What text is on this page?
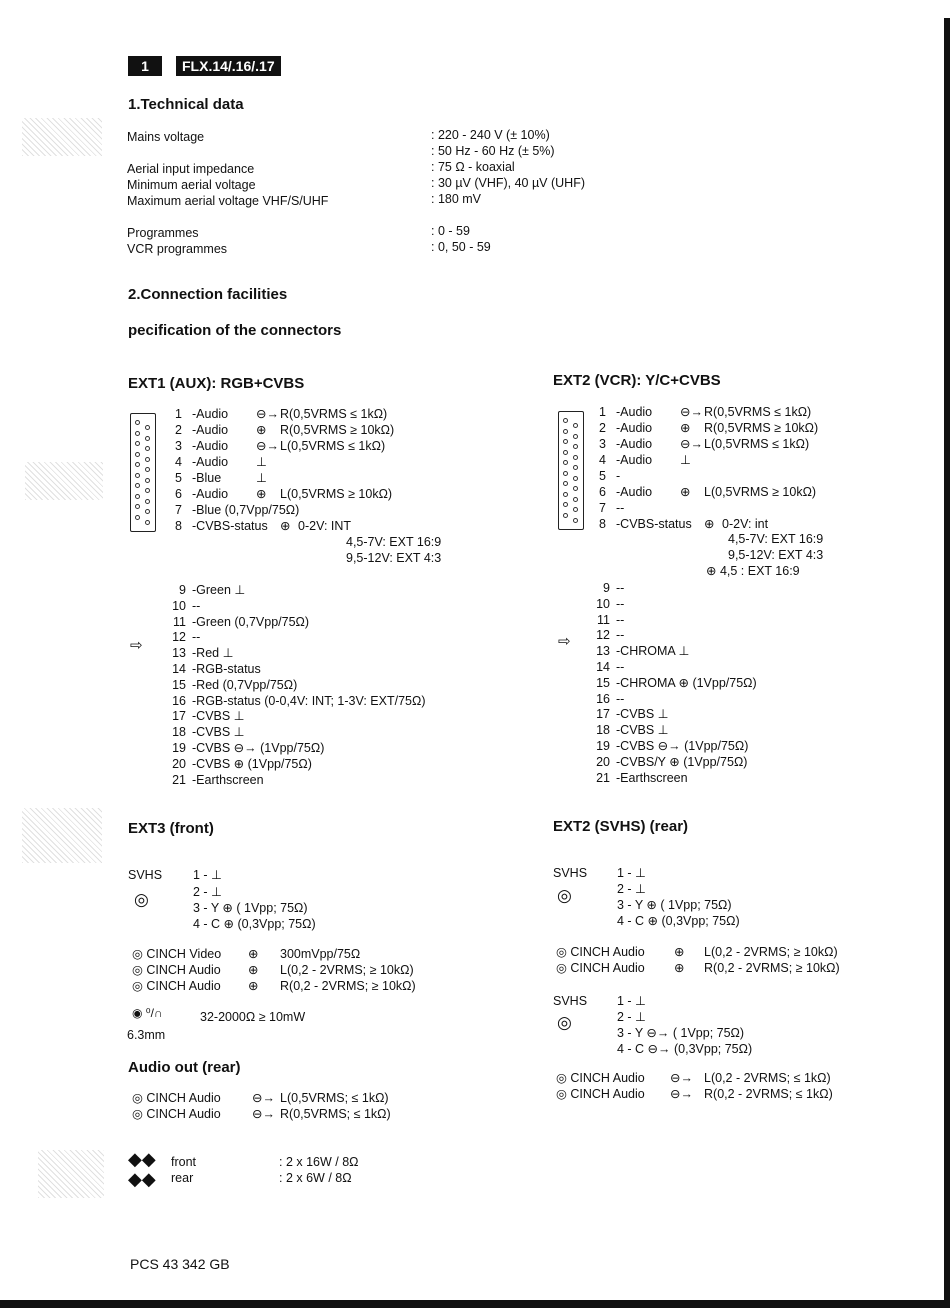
1	FLX.14/.16/.17
1.Technical data
Mains voltage	: 220 - 240 V (± 10%)
: 50 Hz - 60 Hz (± 5%)
Aerial input impedance	: 75 Ω - koaxial
Minimum aerial voltage	: 30 µV (VHF), 40 µV (UHF)
Maximum aerial voltage VHF/S/UHF	: 180 mV
Programmes	: 0 - 59
VCR programmes	: 0, 50 - 59
2.Connection facilities
pecification of the connectors
EXT1 (AUX): RGB+CVBS
1 -Audio ⊖→ R(0,5VRMS ≤ 1kΩ)
2 -Audio ⊕ R(0,5VRMS ≥ 10kΩ)
3 -Audio ⊖→ L(0,5VRMS ≤ 1kΩ)
4 -Audio ⊥
5 -Blue	⊥
6 -Audio ⊕ L(0,5VRMS ≥ 10kΩ)
7 -Blue (0,7Vpp/75Ω)
8 -CVBS-status ⊕ 0-2V: INT
4,5-7V: EXT 16:9
9,5-12V: EXT 4:3
⇨
9 -Green ⊥
10 --
11 -Green (0,7Vpp/75Ω)
12 --
13 -Red ⊥
14 -RGB-status
15 -Red (0,7Vpp/75Ω)
16 -RGB-status (0-0,4V: INT; 1-3V: EXT/75Ω)
17 -CVBS ⊥
18 -CVBS ⊥
19 -CVBS ⊖→ (1Vpp/75Ω)
20 -CVBS ⊕ (1Vpp/75Ω)
21 -Earthscreen
EXT2 (VCR): Y/C+CVBS
1 -Audio ⊖→ R(0,5VRMS ≤ 1kΩ)
2 -Audio ⊕ R(0,5VRMS ≥ 10kΩ)
3 -Audio ⊖→ L(0,5VRMS ≤ 1kΩ)
4 -Audio ⊥
5 -
6 -Audio ⊕ L(0,5VRMS ≥ 10kΩ)
7 --
8 -CVBS-status ⊕ 0-2V: int
4,5-7V: EXT 16:9
9,5-12V: EXT 4:3
⊕ 4,5 : EXT 16:9
⇨
9 --
10 --
11 --
12 --
13 -CHROMA ⊥
14 --
15 -CHROMA ⊕ (1Vpp/75Ω)
16 --
17 -CVBS ⊥
18 -CVBS ⊥
19 -CVBS ⊖→ (1Vpp/75Ω)
20 -CVBS/Y ⊕ (1Vpp/75Ω)
21 -Earthscreen
EXT3 (front)
SVHS
◎
1 - ⊥
2 - ⊥
3 - Y ⊕ ( 1Vpp; 75Ω)
4 - C ⊕ (0,3Vpp; 75Ω)
◎ CINCH Video ⊕ 300mVpp/75Ω
◎ CINCH Audio ⊕ L(0,2 - 2VRMS; ≥ 10kΩ)
◎ CINCH Audio ⊕ R(0,2 - 2VRMS; ≥ 10kΩ)
◉ ⁰/∩	32-2000Ω ≥ 10mW
6.3mm
Audio out (rear)
◎ CINCH Audio	⊖→ L(0,5VRMS; ≤ 1kΩ)
◎ CINCH Audio	⊖→ R(0,5VRMS; ≤ 1kΩ)
◆◆
◆◆
front	: 2 x 16W / 8Ω
rear	: 2 x 6W / 8Ω
EXT2 (SVHS) (rear)
SVHS
◎
1 - ⊥
2 - ⊥
3 - Y ⊕ ( 1Vpp; 75Ω)
4 - C ⊕ (0,3Vpp; 75Ω)
◎ CINCH Audio ⊕ L(0,2 - 2VRMS; ≥ 10kΩ)
◎ CINCH Audio ⊕ R(0,2 - 2VRMS; ≥ 10kΩ)
SVHS
◎
1 - ⊥
2 - ⊥
3 - Y ⊖→ ( 1Vpp; 75Ω)
4 - C ⊖→ (0,3Vpp; 75Ω)
◎ CINCH Audio ⊖→ L(0,2 - 2VRMS; ≤ 1kΩ)
◎ CINCH Audio ⊖→ R(0,2 - 2VRMS; ≤ 1kΩ)
PCS 43 342 GB
